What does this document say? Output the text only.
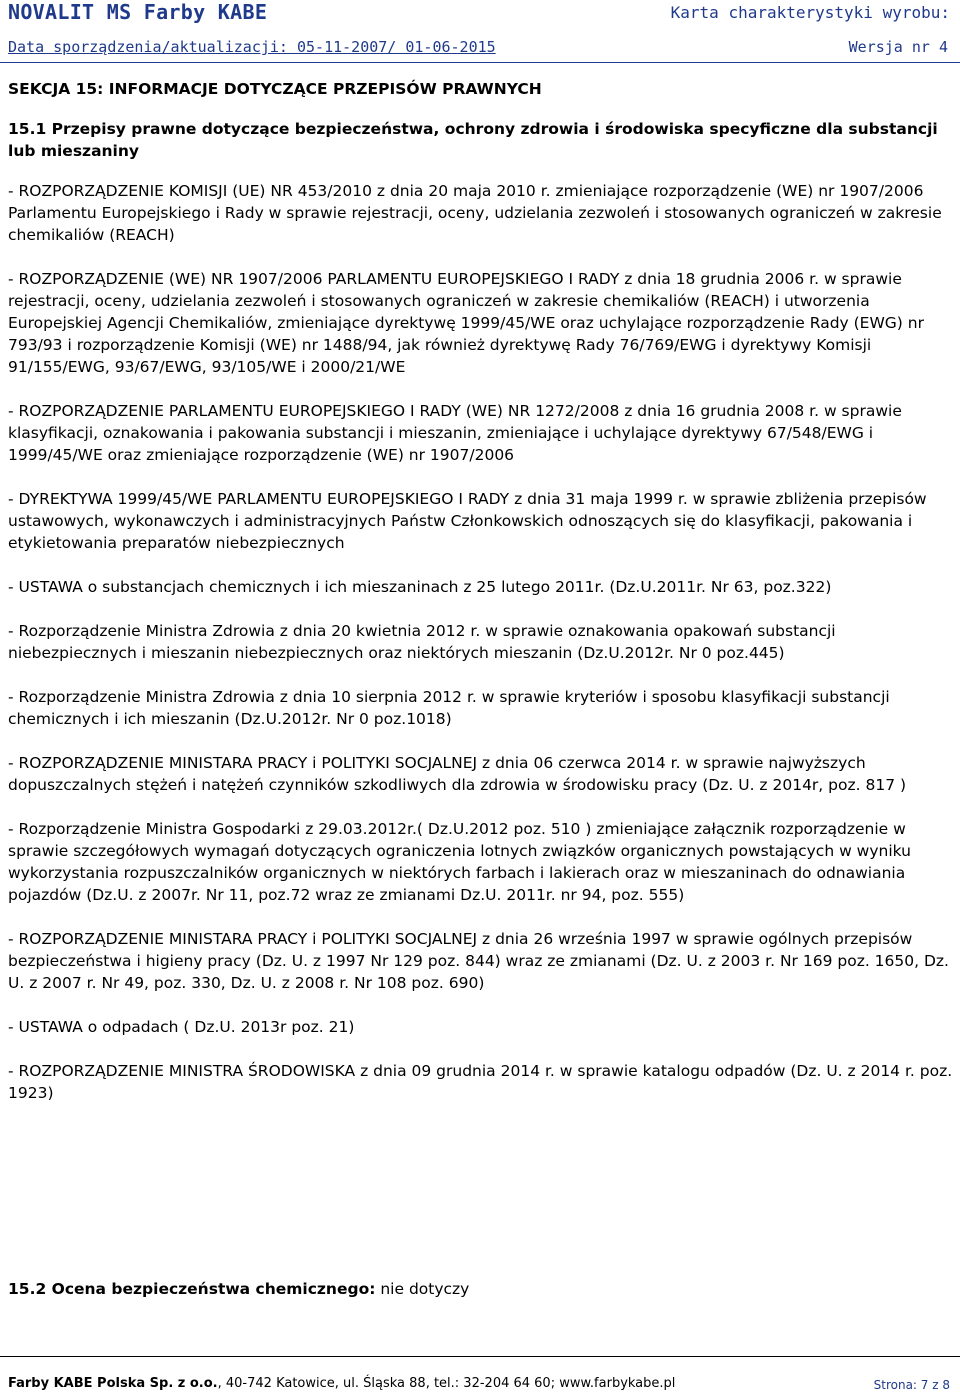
NOVALIT MS Farby KABE	Karta charakterystyki wyrobu:
Data sporządzenia/aktualizacji: 05-11-2007/ 01-06-2015	Wersja nr 4
SEKCJA 15: INFORMACJE DOTYCZĄCE PRZEPISÓW PRAWNYCH
15.1 Przepisy prawne dotyczące bezpieczeństwa, ochrony zdrowia i środowiska specyficzne dla substancji lub mieszaniny
- ROZPORZĄDZENIE KOMISJI (UE) NR 453/2010 z dnia 20 maja 2010 r. zmieniające rozporządzenie (WE) nr 1907/2006 Parlamentu Europejskiego i Rady w sprawie rejestracji, oceny, udzielania zezwoleń i stosowanych ograniczeń w zakresie chemikaliów (REACH)
- ROZPORZĄDZENIE (WE) NR 1907/2006 PARLAMENTU EUROPEJSKIEGO I RADY z dnia 18 grudnia 2006 r. w sprawie rejestracji, oceny, udzielania zezwoleń i stosowanych ograniczeń w zakresie chemikaliów (REACH) i utworzenia Europejskiej Agencji Chemikaliów, zmieniające dyrektywę 1999/45/WE oraz uchylające rozporządzenie Rady (EWG) nr 793/93 i rozporządzenie Komisji (WE) nr 1488/94, jak również dyrektywę Rady 76/769/EWG i dyrektywy Komisji 91/155/EWG, 93/67/EWG, 93/105/WE i 2000/21/WE
- ROZPORZĄDZENIE PARLAMENTU EUROPEJSKIEGO I RADY (WE) NR 1272/2008 z dnia 16 grudnia 2008 r. w sprawie klasyfikacji, oznakowania i pakowania substancji i mieszanin, zmieniające i uchylające dyrektywy 67/548/EWG i 1999/45/WE oraz zmieniające rozporządzenie (WE) nr 1907/2006
- DYREKTYWA 1999/45/WE PARLAMENTU EUROPEJSKIEGO I RADY z dnia 31 maja 1999 r. w sprawie zbliżenia przepisów ustawowych, wykonawczych i administracyjnych Państw Członkowskich odnoszących się do klasyfikacji, pakowania i etykietowania preparatów niebezpiecznych
- USTAWA o substancjach chemicznych i ich mieszaninach z 25 lutego 2011r. (Dz.U.2011r. Nr 63, poz.322)
- Rozporządzenie Ministra Zdrowia z dnia 20 kwietnia 2012 r. w sprawie oznakowania opakowań substancji niebezpiecznych i mieszanin niebezpiecznych oraz niektórych mieszanin (Dz.U.2012r. Nr 0 poz.445)
- Rozporządzenie Ministra Zdrowia z dnia 10 sierpnia 2012 r. w sprawie kryteriów i sposobu klasyfikacji substancji chemicznych i ich mieszanin (Dz.U.2012r. Nr 0 poz.1018)
- ROZPORZĄDZENIE MINISTARA PRACY i POLITYKI SOCJALNEJ z dnia 06 czerwca 2014 r. w sprawie najwyższych dopuszczalnych stężeń i natężeń czynników szkodliwych dla zdrowia w środowisku pracy (Dz. U. z 2014r, poz. 817 )
- Rozporządzenie Ministra Gospodarki z 29.03.2012r.( Dz.U.2012 poz. 510 ) zmieniające załącznik rozporządzenie w sprawie szczegółowych wymagań dotyczących ograniczenia lotnych związków organicznych powstających w wyniku wykorzystania rozpuszczalników organicznych w niektórych farbach i lakierach oraz w mieszaninach do odnawiania pojazdów (Dz.U. z 2007r. Nr 11, poz.72 wraz ze zmianami Dz.U. 2011r. nr 94, poz. 555)
- ROZPORZĄDZENIE MINISTARA PRACY i POLITYKI SOCJALNEJ z dnia 26 września 1997 w sprawie ogólnych przepisów bezpieczeństwa i higieny pracy (Dz. U. z 1997 Nr 129 poz. 844) wraz ze zmianami (Dz. U. z 2003 r. Nr 169 poz. 1650, Dz. U. z 2007 r. Nr 49, poz. 330, Dz. U. z 2008 r. Nr 108 poz. 690)
- USTAWA o odpadach ( Dz.U. 2013r poz. 21)
- ROZPORZĄDZENIE MINISTRA ŚRODOWISKA z dnia 09 grudnia 2014 r. w sprawie katalogu odpadów (Dz. U. z 2014 r. poz. 1923)
15.2 Ocena bezpieczeństwa chemicznego: nie dotyczy
Farby KABE Polska Sp. z o.o., 40-742 Katowice, ul. Śląska 88, tel.: 32-204 64 60; www.farbykabe.pl	Strona: 7 z 8
